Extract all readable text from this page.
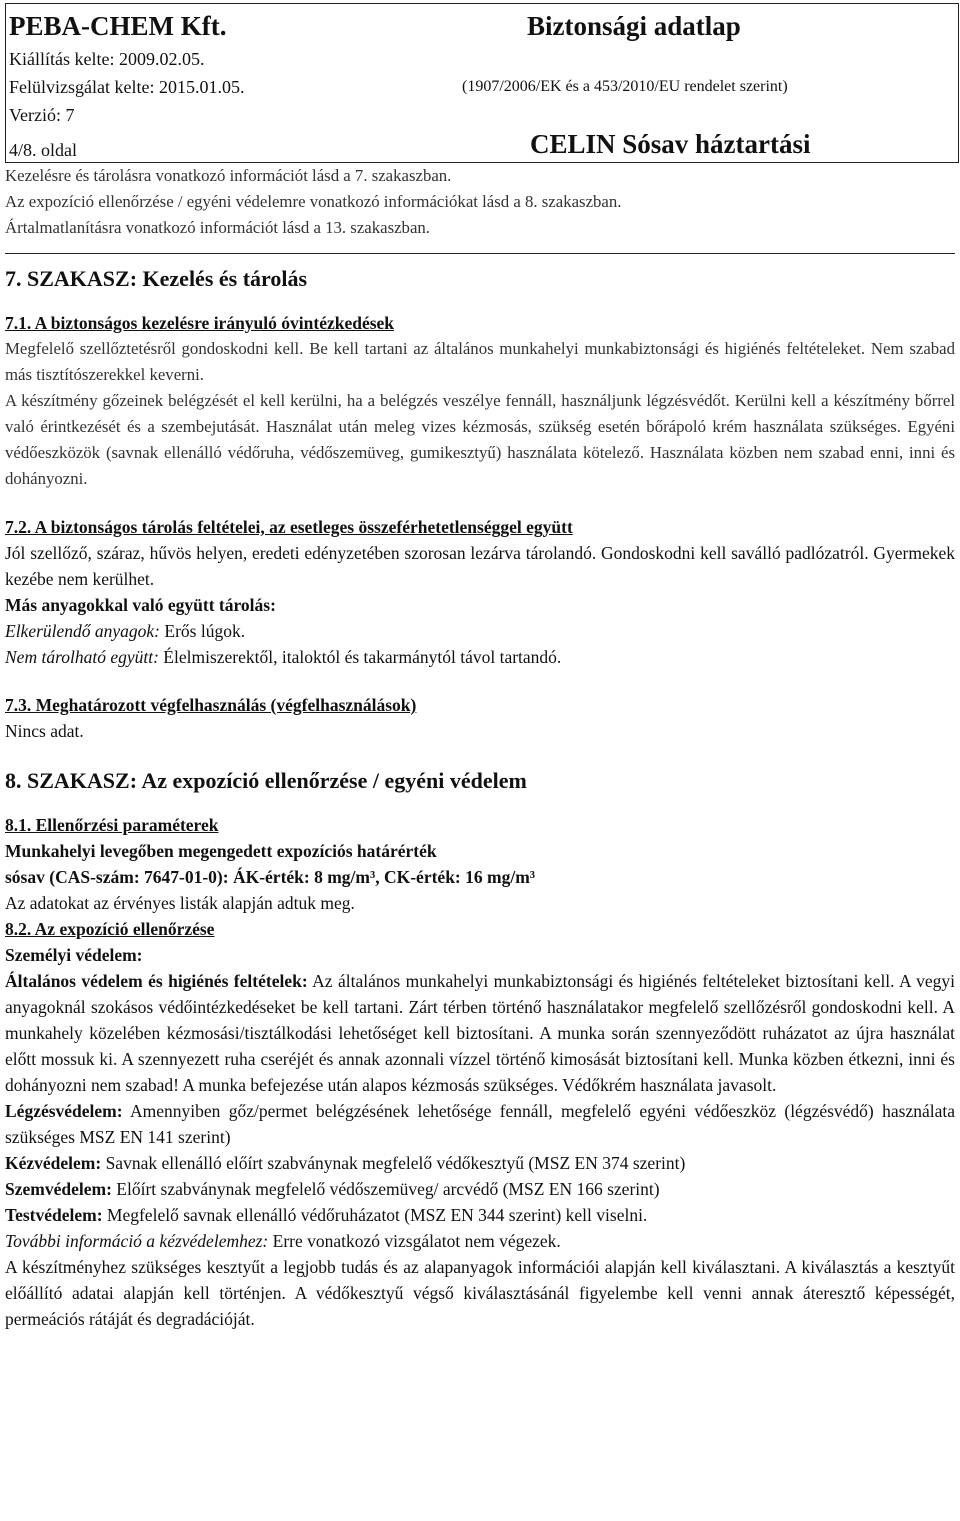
PEBA-CHEM Kft.	Biztonsági adatlap
Kiállítás kelte: 2009.02.05.
Felülvizsgálat kelte: 2015.01.05.	(1907/2006/EK és a 453/2010/EU rendelet szerint)
Verzió: 7
4/8. oldal	CELIN Sósav háztartási

Kezelésre és tárolásra vonatkozó információt lásd a 7. szakaszban.

Az expozíció ellenőrzése / egyéni védelemre vonatkozó információkat lásd a 8. szakaszban.

Ártalmatlanításra vonatkozó információt lásd a 13. szakaszban.

7. SZAKASZ: Kezelés és tárolás

7.1. A biztonságos kezelésre irányuló óvintézkedések

Megfelelő szellőztetésről gondoskodni kell. Be kell tartani az általános munkahelyi munkabiztonsági és higiénés feltételeket. Nem szabad más tisztítószerekkel keverni.

A készítmény gőzeinek belégzését el kell kerülni, ha a belégzés veszélye fennáll, használjunk légzésvédőt. Kerülni kell a készítmény bőrrel való érintkezését és a szembejutását. Használat után meleg vizes kézmosás, szükség esetén bőrápoló krém használata szükséges. Egyéni védőeszközök (savnak ellenálló védőruha, védőszemüveg, gumikesztyű) használata kötelező. Használata közben nem szabad enni, inni és dohányozni.

7.2. A biztonságos tárolás feltételei, az esetleges összeférhetetlenséggel együtt

Jól szellőző, száraz, hűvös helyen, eredeti edényzetében szorosan lezárva tárolandó. Gondoskodni kell saválló padlózatról. Gyermekek kezébe nem kerülhet.

Más anyagokkal való együtt tárolás:

Elkerülendő anyagok: Erős lúgok.

Nem tárolható együtt: Élelmiszerektől, italoktól és takarmánytól távol tartandó.

7.3. Meghatározott végfelhasználás (végfelhasználások)

Nincs adat.

8. SZAKASZ: Az expozíció ellenőrzése / egyéni védelem

8.1. Ellenőrzési paraméterek

Munkahelyi levegőben megengedett expozíciós határérték

sósav (CAS-szám: 7647-01-0): ÁK-érték: 8 mg/m³, CK-érték: 16 mg/m³

Az adatokat az érvényes listák alapján adtuk meg.

8.2. Az expozíció ellenőrzése

Személyi védelem:

Általános védelem és higiénés feltételek: Az általános munkahelyi munkabiztonsági és higiénés feltételeket biztosítani kell. A vegyi anyagoknál szokásos védőintézkedéseket be kell tartani. Zárt térben történő használatakor megfelelő szellőzésről gondoskodni kell. A munkahely közelében kézmosási/tisztálkodási lehetőséget kell biztosítani. A munka során szennyeződött ruházatot az újra használat előtt mossuk ki. A szennyezett ruha cseréjét és annak azonnali vízzel történő kimosását biztosítani kell. Munka közben étkezni, inni és dohányozni nem szabad! A munka befejezése után alapos kézmosás szükséges. Védőkrém használata javasolt.

Légzésvédelem: Amennyiben gőz/permet belégzésének lehetősége fennáll, megfelelő egyéni védőeszköz (légzésvédő) használata szükséges MSZ EN 141 szerint)

Kézvédelem: Savnak ellenálló előírt szabványnak megfelelő védőkesztyű (MSZ EN 374 szerint)

Szemvédelem: Előírt szabványnak megfelelő védőszemüveg/ arcvédő (MSZ EN 166 szerint)

Testvédelem: Megfelelő savnak ellenálló védőruházatot (MSZ EN 344 szerint) kell viselni.

További információ a kézvédelemhez: Erre vonatkozó vizsgálatot nem végezek.

A készítményhez szükséges kesztyűt a legjobb tudás és az alapanyagok információi alapján kell kiválasztani. A kiválasztás a kesztyűt előállító adatai alapján kell történjen. A védőkesztyű végső kiválasztásánál figyelembe kell venni annak áteresztő képességét, permeációs rátáját és degradációját.
